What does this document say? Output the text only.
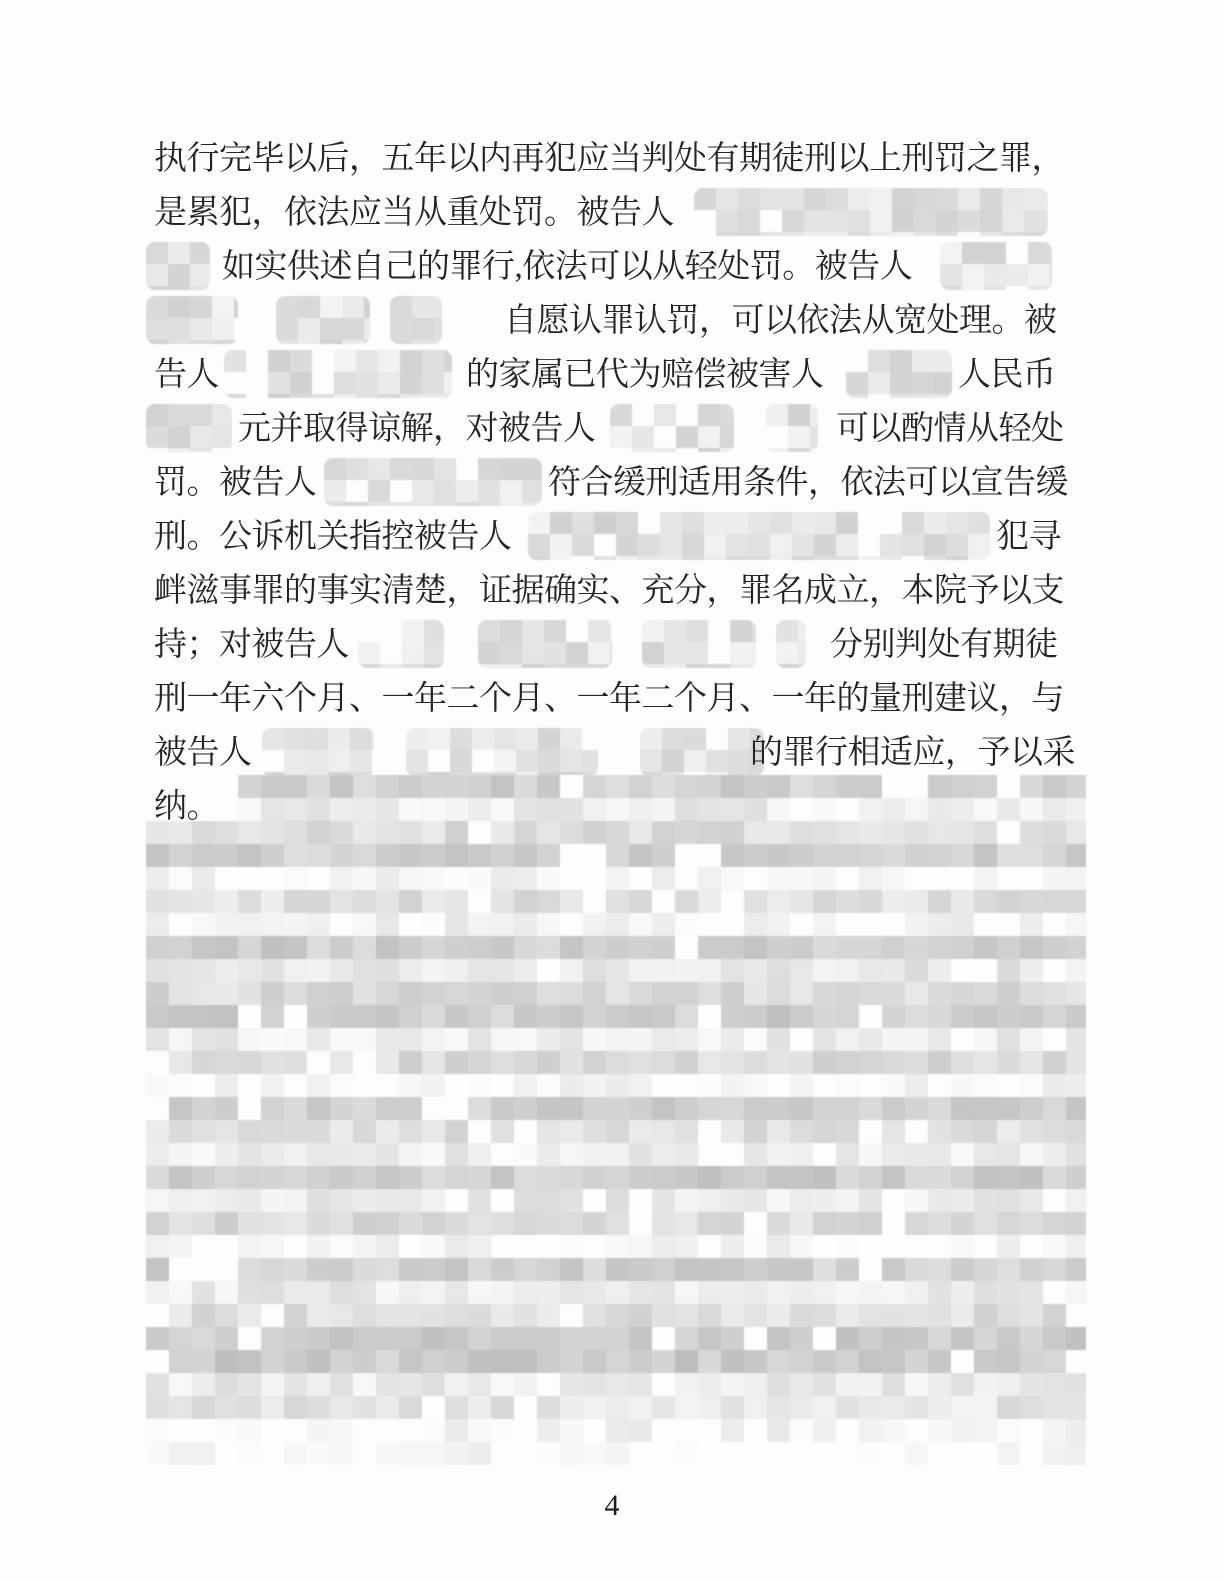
执行完毕以后，五年以内再犯应当判处有期徒刑以上刑罚之罪，
是累犯，依法应当从重处罚。被告人
如实供述自己的罪行,依法可以从轻处罚。被告人
自愿认罪认罚，可以依法从宽处理。被
告人	的家属已代为赔偿被害人	人民币
元并取得谅解，对被告人	可以酌情从轻处
罚。被告人	符合缓刑适用条件，依法可以宣告缓
刑。公诉机关指控被告人	犯寻
衅滋事罪的事实清楚，证据确实、充分，罪名成立，本院予以支
持；对被告人	分别判处有期徒
刑一年六个月、一年二个月、一年二个月、一年的量刑建议，与
被告人	的罪行相适应，予以采
4
